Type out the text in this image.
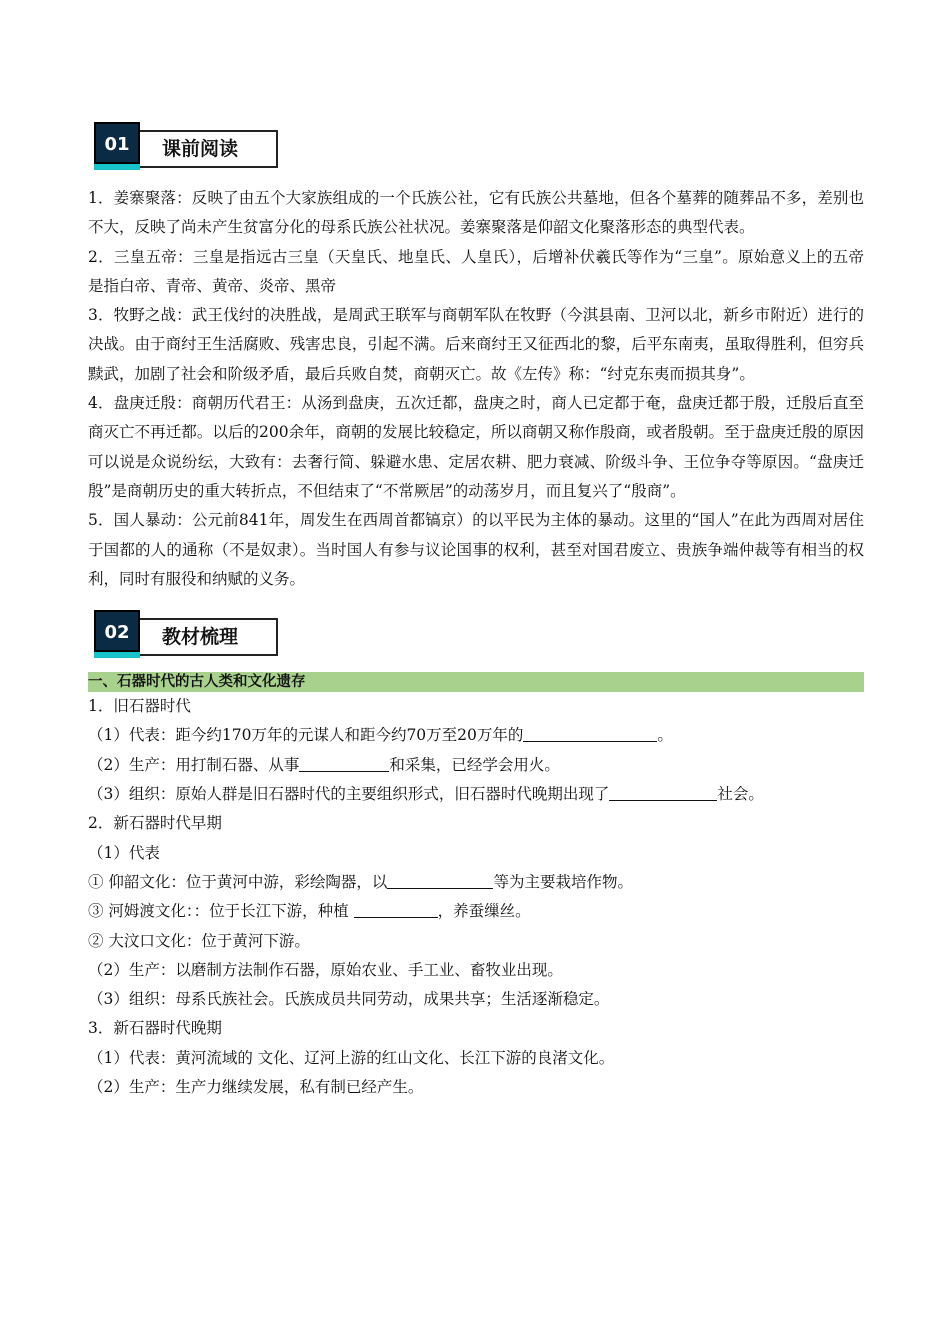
课前阅读
01

1．姜寨聚落：反映了由五个大家族组成的一个氏族公社，它有氏族公共墓地，但各个墓葬的随葬品不多，差别也不大，反映了尚未产生贫富分化的母系氏族公社状况。姜寨聚落是仰韶文化聚落形态的典型代表。

2．三皇五帝：三皇是指远古三皇（天皇氏、地皇氏、人皇氏），后增补伏羲氏等作为“三皇”。原始意义上的五帝是指白帝、青帝、黄帝、炎帝、黑帝

3．牧野之战：武王伐纣的决胜战，是周武王联军与商朝军队在牧野（今淇县南、卫河以北，新乡市附近）进行的决战。由于商纣王生活腐败、残害忠良，引起不满。后来商纣王又征西北的黎，后平东南夷，虽取得胜利，但穷兵黩武，加剧了社会和阶级矛盾，最后兵败自焚，商朝灭亡。故《左传》称：“纣克东夷而损其身”。

4．盘庚迁殷：商朝历代君王：从汤到盘庚，五次迁都，盘庚之时，商人已定都于奄，盘庚迁都于殷，迁殷后直至商灭亡不再迁都。以后的200余年，商朝的发展比较稳定，所以商朝又称作殷商，或者殷朝。至于盘庚迁殷的原因可以说是众说纷纭，大致有：去奢行简、躲避水患、定居农耕、肥力衰减、阶级斗争、王位争夺等原因。“盘庚迁殷”是商朝历史的重大转折点，不但结束了“不常厥居”的动荡岁月，而且复兴了“殷商”。

5．国人暴动：公元前841年，周发生在西周首都镐京）的以平民为主体的暴动。这里的“国人”在此为西周对居住于国都的人的通称（不是奴隶）。当时国人有参与议论国事的权利，甚至对国君废立、贵族争端仲裁等有相当的权利，同时有服役和纳赋的义务。

教材梳理
02
一、石器时代的古人类和文化遗存

1．旧石器时代

（1）代表：距今约170万年的元谋人和距今约70万至20万年的	。

（2）生产：用打制石器、从事	和采集，已经学会用火。

（3）组织：原始人群是旧石器时代的主要组织形式，旧石器时代晚期出现了	社会。

2．新石器时代早期

（1）代表

① 仰韶文化：位于黄河中游，彩绘陶器，以	等为主要栽培作物。

③ 河姆渡文化：：位于长江下游，种植	，养蚕缫丝。

② 大汶口文化：位于黄河下游。

（2）生产：以磨制方法制作石器，原始农业、手工业、畜牧业出现。

（3）组织：母系氏族社会。氏族成员共同劳动，成果共享；生活逐渐稳定。

3．新石器时代晚期

（1）代表：黄河流域的 文化、辽河上游的红山文化、长江下游的良渚文化。

（2）生产：生产力继续发展，私有制已经产生。
